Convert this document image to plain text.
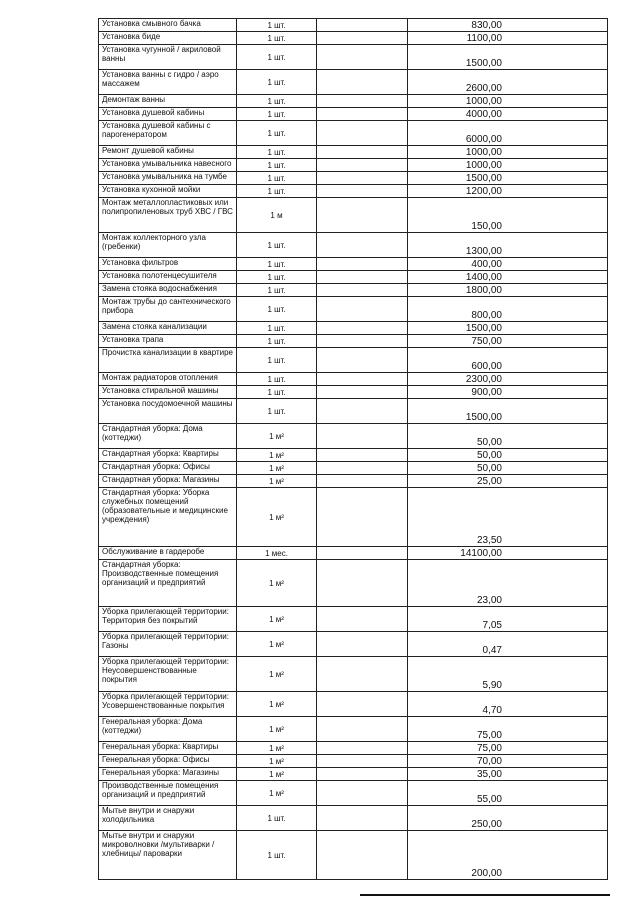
Установка смывного бачка	1 шт.		830,00
Установка биде	1 шт.		1100,00
Установка чугунной / акриловой ванны	1 шт.		1500,00
Установка ванны с гидро / аэро массажем	1 шт.		2600,00
Демонтаж ванны	1 шт.		1000,00
Установка душевой кабины	1 шт.		4000,00
Установка душевой кабины с парогенератором	1 шт.		6000,00
Ремонт душевой кабины	1 шт.		1000,00
Установка умывальника навесного	1 шт.		1000,00
Установка умывальника на тумбе	1 шт.		1500,00
Установка кухонной мойки	1 шт.		1200,00
Монтаж металлопластиковых или полипропиленовых труб ХВС / ГВС	1 м		150,00
Монтаж коллекторного узла (гребенки)	1 шт.		1300,00
Установка фильтров	1 шт.		400,00
Установка полотенцесушителя	1 шт.		1400,00
Замена стояка водоснабжения	1 шт.		1800,00
Монтаж трубы до сантехнического прибора	1 шт.		800,00
Замена стояка канализации	1 шт.		1500,00
Установка трапа	1 шт.		750,00
Прочистка канализации в квартире	1 шт.		600,00
Монтаж радиаторов отопления	1 шт.		2300,00
Установка стиральной машины	1 шт.		900,00
Установка посудомоечной машины	1 шт.		1500,00
Стандартная уборка: Дома (коттеджи)	1 м²		50,00
Стандартная уборка: Квартиры	1 м²		50,00
Стандартная уборка: Офисы	1 м²		50,00
Стандартная уборка: Магазины	1 м²		25,00
Стандартная уборка: Уборка служебных помещений (образовательные и медицинские учреждения)	1 м²		23,50
Обслуживание в гардеробе	1 мес.		14100,00
Стандартная уборка: Производственные помещения организаций и предприятий	1 м²		23,00
Уборка прилегающей территории: Территория без покрытий	1 м²		7,05
Уборка прилегающей территории: Газоны	1 м²		0,47
Уборка прилегающей территории: Неусовершенствованные покрытия	1 м²		5,90
Уборка прилегающей территории: Усовершенствованные покрытия	1 м²		4,70
Генеральная уборка: Дома (коттеджи)	1 м²		75,00
Генеральная уборка: Квартиры	1 м²		75,00
Генеральная уборка: Офисы	1 м²		70,00
Генеральная уборка: Магазины	1 м²		35,00
Производственные помещения организаций и предприятий	1 м²		55,00
Мытье внутри и снаружи холодильника	1 шт.		250,00
Мытье внутри и снаружи микроволновки /мультиварки / хлебницы/ пароварки	1 шт.		200,00
